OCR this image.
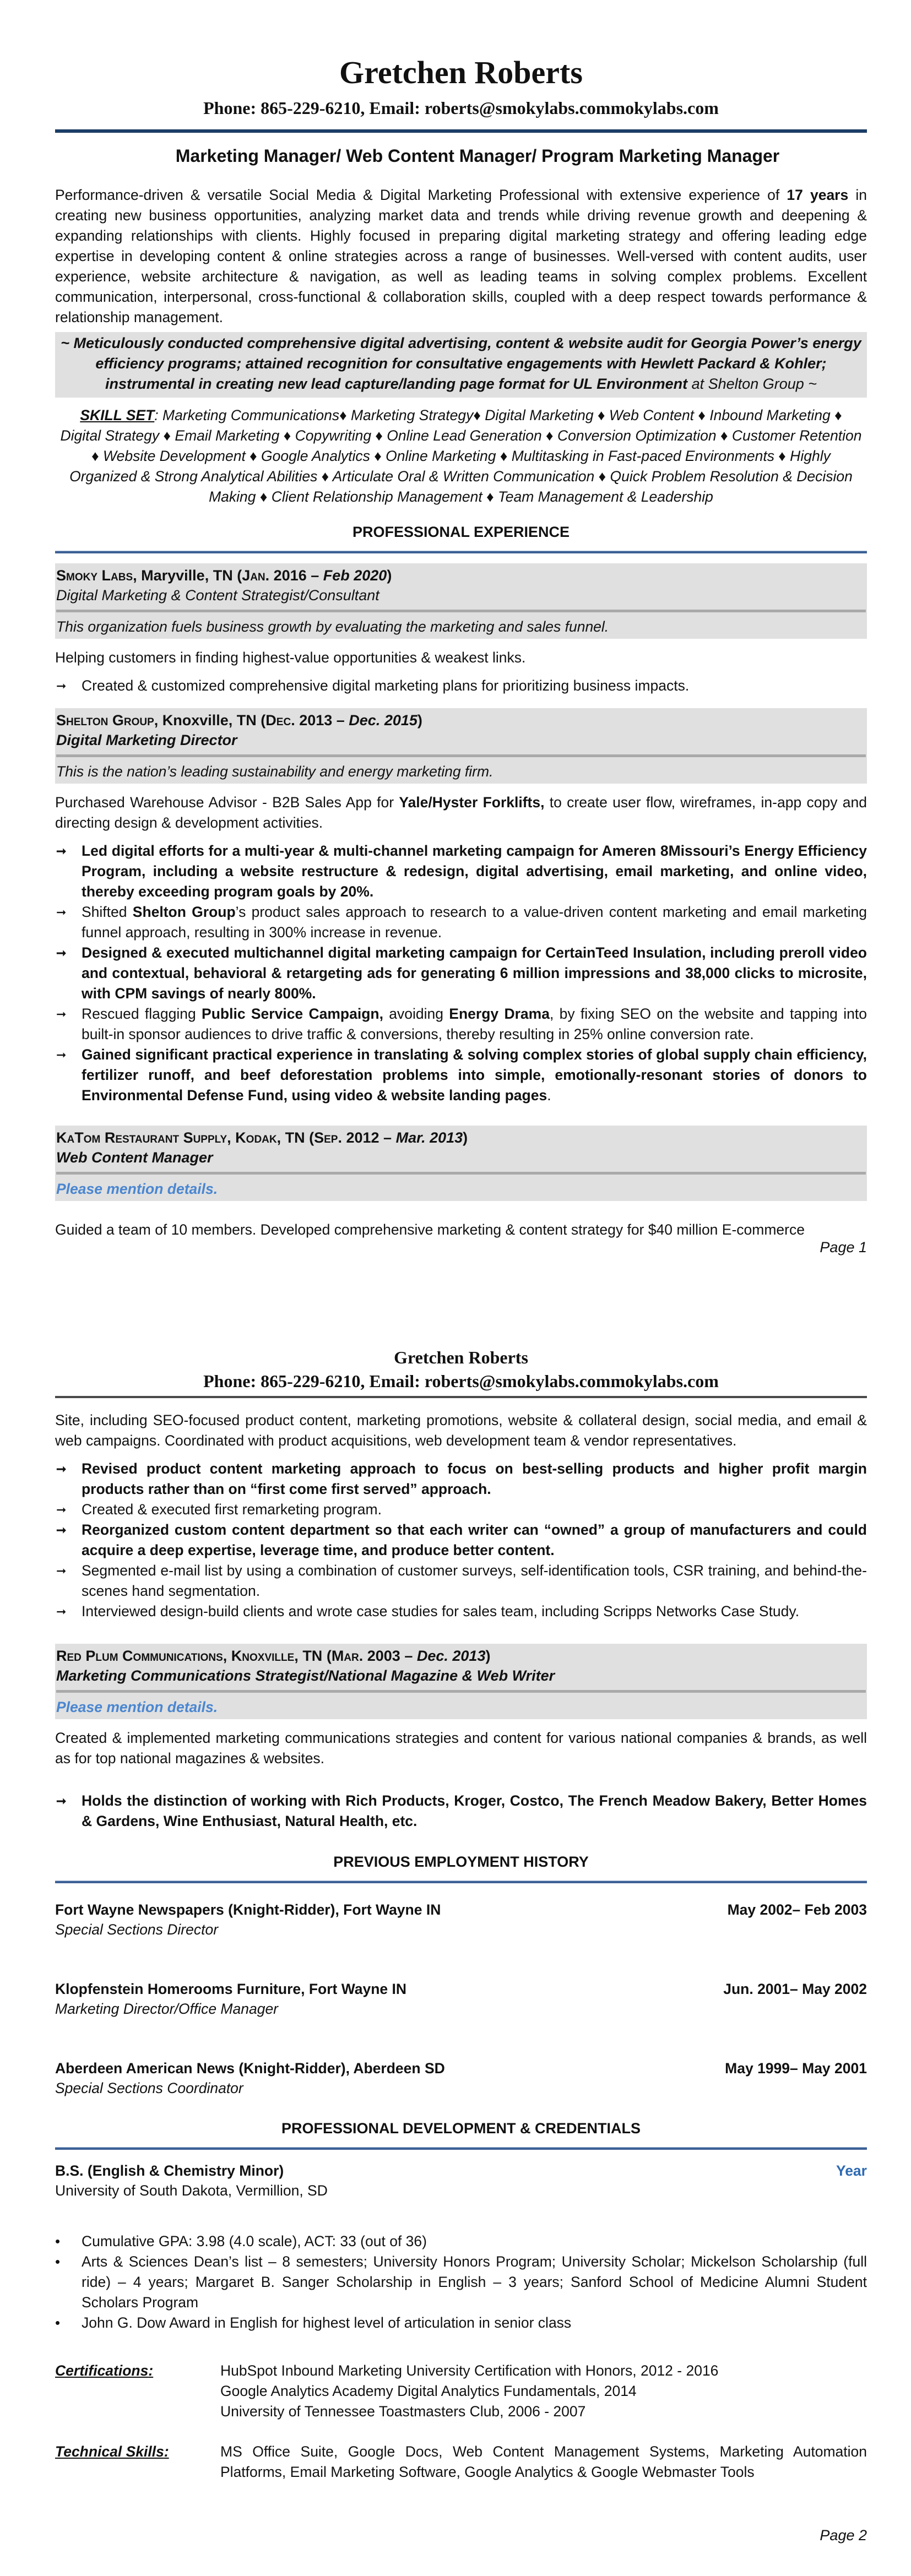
Gretchen Roberts
Phone: 865-229-6210, Email: roberts@smokylabs.commokylabs.com
Marketing Manager/ Web Content Manager/ Program Marketing Manager

Performance-driven & versatile Social Media & Digital Marketing Professional with extensive experience of 17 years in creating new business opportunities, analyzing market data and trends while driving revenue growth and deepening & expanding relationships with clients. Highly focused in preparing digital marketing strategy and offering leading edge expertise in developing content & online strategies across a range of businesses. Well-versed with content audits, user experience, website architecture & navigation, as well as leading teams in solving complex problems. Excellent communication, interpersonal, cross-functional & collaboration skills, coupled with a deep respect towards performance & relationship management.

~ Meticulously conducted comprehensive digital advertising, content & website audit for Georgia Power’s energy efficiency programs; attained recognition for consultative engagements with Hewlett Packard & Kohler; instrumental in creating new lead capture/landing page format for UL Environment at Shelton Group ~
SKILL SET: Marketing Communications♦ Marketing Strategy♦ Digital Marketing ♦ Web Content ♦ Inbound Marketing ♦ Digital Strategy ♦ Email Marketing ♦ Copywriting ♦ Online Lead Generation ♦ Conversion Optimization ♦ Customer Retention ♦ Website Development ♦ Google Analytics ♦ Online Marketing ♦ Multitasking in Fast-paced Environments ♦ Highly Organized & Strong Analytical Abilities ♦ Articulate Oral & Written Communication ♦ Quick Problem Resolution & Decision Making ♦ Client Relationship Management ♦ Team Management & Leadership
PROFESSIONAL EXPERIENCE
Smoky Labs, Maryville, TN (Jan. 2016 – Feb 2020)
Digital Marketing & Content Strategist/Consultant
This organization fuels business growth by evaluating the marketing and sales funnel.

Helping customers in finding highest-value opportunities & weakest links.

➞ Created & customized comprehensive digital marketing plans for prioritizing business impacts.
Shelton Group, Knoxville, TN (Dec. 2013 – Dec. 2015)
Digital Marketing Director
This is the nation’s leading sustainability and energy marketing firm.

Purchased Warehouse Advisor - B2B Sales App for Yale/Hyster Forklifts, to create user flow, wireframes, in-app copy and directing design & development activities.

➞ Led digital efforts for a multi-year & multi-channel marketing campaign for Ameren 8Missouri’s Energy Efficiency Program, including a website restructure & redesign, digital advertising, email marketing, and online video, thereby exceeding program goals by 20%.
➞ Shifted Shelton Group’s product sales approach to research to a value-driven content marketing and email marketing funnel approach, resulting in 300% increase in revenue.
➞ Designed & executed multichannel digital marketing campaign for CertainTeed Insulation, including preroll video and contextual, behavioral & retargeting ads for generating 6 million impressions and 38,000 clicks to microsite, with CPM savings of nearly 800%.
➞ Rescued flagging Public Service Campaign, avoiding Energy Drama, by fixing SEO on the website and tapping into built-in sponsor audiences to drive traffic & conversions, thereby resulting in 25% online conversion rate.
➞ Gained significant practical experience in translating & solving complex stories of global supply chain efficiency, fertilizer runoff, and beef deforestation problems into simple, emotionally-resonant stories of donors to Environmental Defense Fund, using video & website landing pages.
KaTom Restaurant Supply, Kodak, TN (Sep. 2012 – Mar. 2013)
Web Content Manager
Please mention details.

Guided a team of 10 members. Developed comprehensive marketing & content strategy for $40 million E-commerce

Page 1
Gretchen Roberts
Phone: 865-229-6210, Email: roberts@smokylabs.commokylabs.com

Site, including SEO-focused product content, marketing promotions, website & collateral design, social media, and email & web campaigns. Coordinated with product acquisitions, web development team & vendor representatives.

➞ Revised product content marketing approach to focus on best-selling products and higher profit margin products rather than on “first come first served” approach.
➞ Created & executed first remarketing program.
➞ Reorganized custom content department so that each writer can “owned” a group of manufacturers and could acquire a deep expertise, leverage time, and produce better content.
➞ Segmented e-mail list by using a combination of customer surveys, self-identification tools, CSR training, and behind-the-scenes hand segmentation.
➞ Interviewed design-build clients and wrote case studies for sales team, including Scripps Networks Case Study.
Red Plum Communications, Knoxville, TN (Mar. 2003 – Dec. 2013)
Marketing Communications Strategist/National Magazine & Web Writer
Please mention details.

Created & implemented marketing communications strategies and content for various national companies & brands, as well as for top national magazines & websites.

➞ Holds the distinction of working with Rich Products, Kroger, Costco, The French Meadow Bakery, Better Homes & Gardens, Wine Enthusiast, Natural Health, etc.
PREVIOUS EMPLOYMENT HISTORY
Fort Wayne Newspapers (Knight-Ridder), Fort Wayne IN	May 2002– Feb 2003
Special Sections Director
Klopfenstein Homerooms Furniture, Fort Wayne IN	Jun. 2001– May 2002
Marketing Director/Office Manager
Aberdeen American News (Knight-Ridder), Aberdeen SD	May 1999– May 2001
Special Sections Coordinator
PROFESSIONAL DEVELOPMENT & CREDENTIALS
B.S. (English & Chemistry Minor)	Year
University of South Dakota, Vermillion, SD
• Cumulative GPA: 3.98 (4.0 scale), ACT: 33 (out of 36)
• Arts & Sciences Dean’s list – 8 semesters; University Honors Program; University Scholar; Mickelson Scholarship (full ride) – 4 years; Margaret B. Sanger Scholarship in English – 3 years; Sanford School of Medicine Alumni Student Scholars Program
• John G. Dow Award in English for highest level of articulation in senior class
Certifications:	HubSpot Inbound Marketing University Certification with Honors, 2012 - 2016
Google Analytics Academy Digital Analytics Fundamentals, 2014
University of Tennessee Toastmasters Club, 2006 - 2007
Technical Skills:	MS Office Suite, Google Docs, Web Content Management Systems, Marketing Automation Platforms, Email Marketing Software, Google Analytics & Google Webmaster Tools
Page 2
